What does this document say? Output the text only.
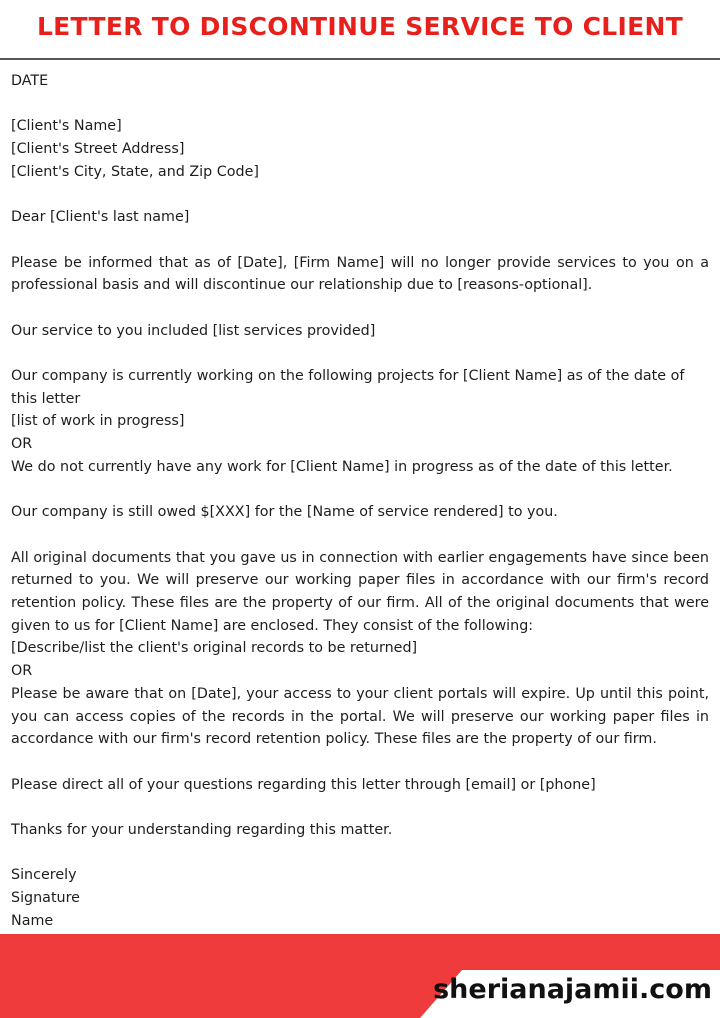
LETTER TO DISCONTINUE SERVICE TO CLIENT

DATE

[Client's Name]
[Client's Street Address]
[Client's City, State, and Zip Code]

Dear [Client's last name]

Please be informed that as of [Date], [Firm Name] will no longer provide services to you on a professional basis and will discontinue our relationship due to [reasons-optional].

Our service to you included [list services provided]

Our company is currently working on the following projects for [Client Name] as of the date of this letter
[list of work in progress]
OR
We do not currently have any work for [Client Name] in progress as of the date of this letter.

Our company is still owed $[XXX] for the [Name of service rendered] to you.

All original documents that you gave us in connection with earlier engagements have since been returned to you. We will preserve our working paper files in accordance with our firm's record retention policy. These files are the property of our firm. All of the original documents that were given to us for [Client Name] are enclosed. They consist of the following:
[Describe/list the client's original records to be returned]
OR
Please be aware that on [Date], your access to your client portals will expire. Up until this point, you can access copies of the records in the portal. We will preserve our working paper files in accordance with our firm's record retention policy. These files are the property of our firm.

Please direct all of your questions regarding this letter through [email] or [phone]

Thanks for your understanding regarding this matter.

Sincerely
Signature
Name

sherianajamii.com
